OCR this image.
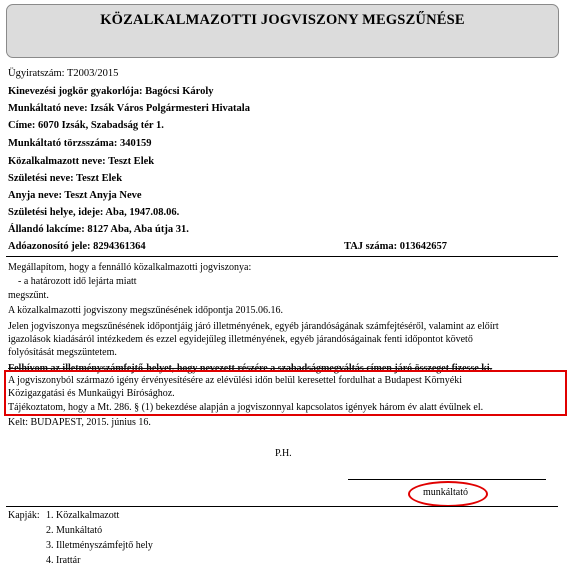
KÖZALKALMAZOTTI JOGVISZONY MEGSZŰNÉSE
Ügyiratszám: T2003/2015
Kinevezési jogkör gyakorlója: Bagócsi Károly
Munkáltató neve: Izsák Város Polgármesteri Hivatala
Címe: 6070 Izsák, Szabadság tér 1.
Munkáltató törzsszáma: 340159
Közalkalmazott neve: Teszt Elek
Születési neve: Teszt Elek
Anyja neve: Teszt Anyja Neve
Születési helye, ideje: Aba, 1947.08.06.
Állandó lakcíme: 8127 Aba, Aba útja 31.
Adóazonosító jele: 8294361364	TAJ száma: 013642657
Megállapítom, hogy a fennálló közalkalmazotti jogviszonya:
- a határozott idő lejárta miatt
megszűnt.
A közalkalmazotti jogviszony megszűnésének időpontja 2015.06.16.
Jelen jogviszonya megszűnésének időpontjáig járó illetményének, egyéb járandóságának számfejtéséről, valamint az előírt
igazolások kiadásáról intézkedem és ezzel egyidejűleg illetményének, egyéb járandóságainak fenti időpontot követő
folyósítását megszüntetem.
Felhívom az illetményszámfejtő-helyet, hogy nevezett részére a szabadságmegváltás címen járó összeget fizesse ki.
A jogviszonyból származó igény érvényesítésére az elévülési időn belül keresettel fordulhat a Budapest Környéki
Közigazgatási és Munkaügyi Bírósághoz.
Tájékoztatom, hogy a Mt. 286. § (1) bekezdése alapján a jogviszonnyal kapcsolatos igények három év alatt évülnek el.
Kelt: BUDAPEST, 2015. június 16.
P.H.
munkáltató
Kapják: 1. Közalkalmazott
2. Munkáltató
3. Illetményszámfejtő hely
4. Irattár
